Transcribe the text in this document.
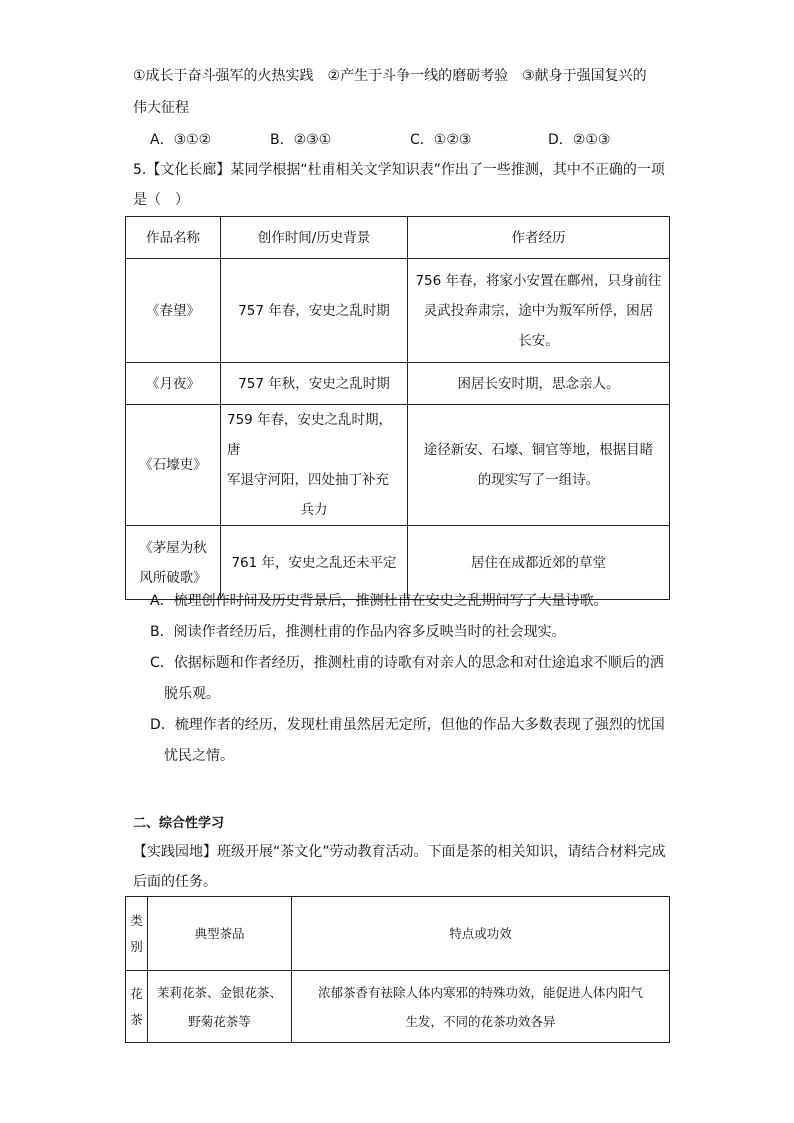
①成长于奋斗强军的火热实践　②产生于斗争一线的磨砺考验　③献身于强国复兴的
伟大征程
A．③①②	B．②③①	C．①②③	D．②①③
5.【文化长廊】某同学根据“杜甫相关文学知识表”作出了一些推测，其中不正确的一项
是（　）
作品名称	创作时间/历史背景	作者经历
《春望》	757 年春，安史之乱时期	756 年春，将家小安置在鄜州，只身前往
灵武投奔肃宗，途中为叛军所俘，困居
长安。
《月夜》	757 年秋，安史之乱时期	困居长安时期，思念亲人。
《石壕吏》	759 年春，安史之乱时期，唐
军退守河阳，四处抽丁补充

兵力	途径新安、石壕、铜官等地，根据目睹
的现实写了一组诗。
《茅屋为秋
风所破歌》	761 年，安史之乱还未平定	居住在成都近郊的草堂
A．梳理创作时间及历史背景后，推测杜甫在安史之乱期间写了大量诗歌。
B．阅读作者经历后，推测杜甫的作品内容多反映当时的社会现实。
C．依据标题和作者经历，推测杜甫的诗歌有对亲人的思念和对仕途追求不顺后的洒
脱乐观。
D．梳理作者的经历，发现杜甫虽然居无定所，但他的作品大多数表现了强烈的忧国
忧民之情。
二、综合性学习
【实践园地】班级开展“茶文化”劳动教育活动。下面是茶的相关知识，请结合材料完成
后面的任务。
类
别	典型茶品	特点或功效
花
茶	茉莉花茶、金银花茶、
野菊花茶等	浓郁茶香有祛除人体内寒邪的特殊功效，能促进人体内阳气
生发，不同的花茶功效各异
